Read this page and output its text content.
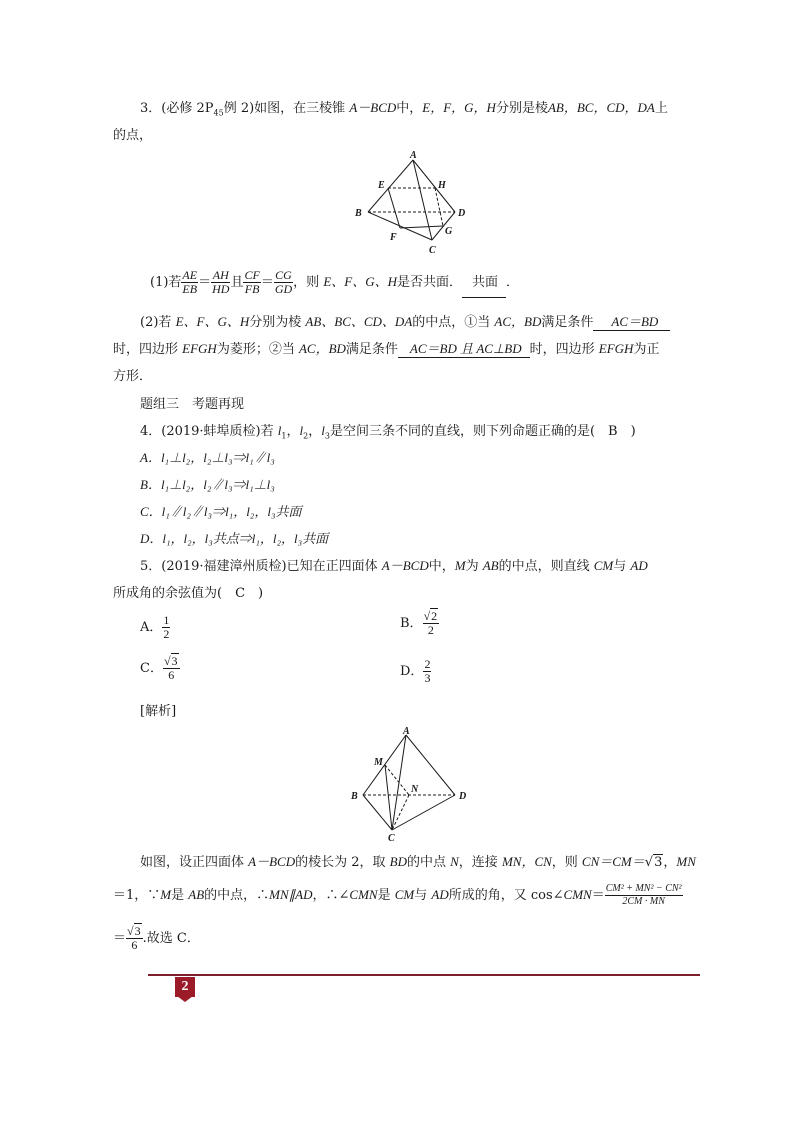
3．(必修 $2P_{45}$例 2)如图，在三棱锥 A－BCD中，E，F，G，H分别是棱AB，BC，CD，DA上
的点，
A
B
C
D
E
F
G
H
(1)若 $\frac{AE}{EB} = \frac{AH}{HD}$ 且 $\frac{CF}{FB} = \frac{CG}{GD}$ ，则 E、F、G、H是否共面． 共面 ．
(2)若 E、F、G、H分别为棱 AB、BC、CD、DA的中点，①当 AC，BD满足条件 AC＝BD
时，四边形 EFGH为菱形；②当 AC，BD满足条件 AC＝BD 且 AC⊥BD 时，四边形 EFGH为正
方形．
题组三　考题再现
4．(2019·蚌埠质检)若 $l_1$，$l_2$，$l_3$是空间三条不同的直线，则下列命题正确的是(　B　)
A．l₁⊥l₂，l₂⊥l₃⇒l₁∥l₃
B．l₁⊥l₂，l₂∥l₃⇒l₁⊥l₃
C．l₁∥l₂∥l₃⇒l₁，l₂，l₃共面
D．l₁，l₂，l₃共点⇒l₁，l₂，l₃共面
5．(2019·福建漳州质检)已知在正四面体 A－BCD中，M为 AB的中点，则直线 CM与 AD
所成角的余弦值为(　C　)
A． $\frac{1}{2}$	B． $\frac{√2}{2}$
C． $\frac{√3}{6}$	D． $\frac{2}{3}$
[解析]
A
B
C
D
M
N
如图，设正四面体 A－BCD的棱长为 2，取 BD的中点 N，连接 MN，CN，则 CN＝CM＝√3，MN
＝1，∵M是 AB的中点，∴MN∥AD，∴∠CMN是 CM与 AD所成的角，又 cos∠CMN＝ $\frac{\text{CM² + MN² − CN²}}{2CM \cdot MN}$
＝ $\frac{√3}{6}$ .故选 C．
2
